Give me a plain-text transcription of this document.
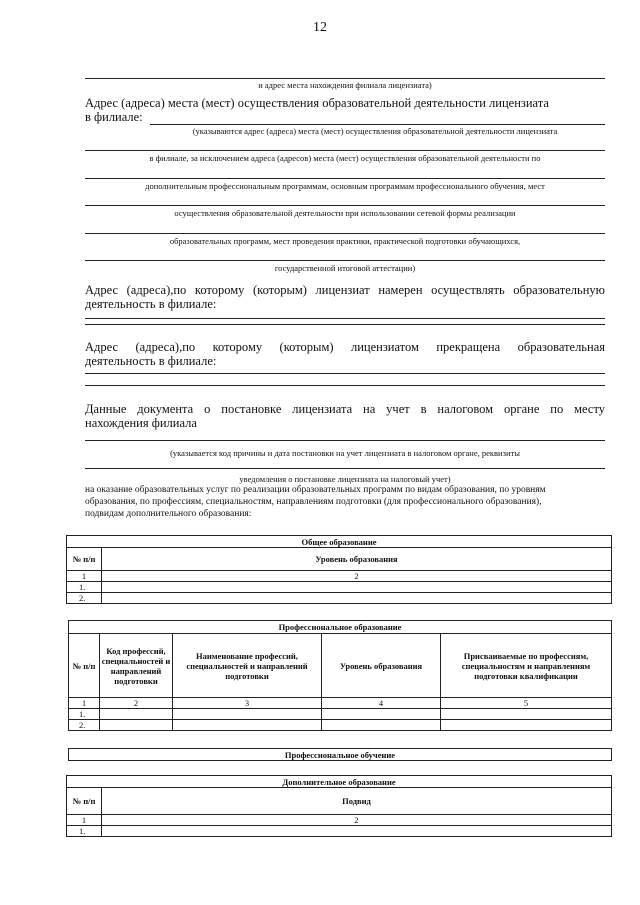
12
и адрес места нахождения филиала лицензиата)
Адрес (адреса) места (мест) осуществления образовательной деятельности лицензиата
в филиале:
(указываются адрес (адреса) места (мест) осуществления образовательной деятельности лицензиата
в филиале, за исключением адреса (адресов) места (мест) осуществления образовательной деятельности по
дополнительным профессиональным программам, основным программам профессионального обучения, мест
осуществления образовательной деятельности при использовании сетевой формы реализации
образовательных программ, мест проведения практики, практической подготовки обучающихся,
государственной итоговой аттестации)
Адрес (адреса),по которому (которым) лицензиат намерен осуществлять образовательную
деятельность в филиале:
Адрес (адреса),по которому (которым) лицензиатом прекращена образовательная
деятельность в филиале:
Данные документа о постановке лицензиата на учет в налоговом органе по месту
нахождения филиала
(указывается код причины и дата постановки на учет лицензиата в налоговом органе, реквизиты
уведомления о постановке лицензиата на налоговый учет)
на оказание образовательных услуг по реализации образовательных программ по видам образования, по уровням
образования, по профессиям, специальностям, направлениям подготовки (для профессионального образования),
подвидам дополнительного образования:
Общее образование	
№ п/п	Уровень образования
1	2
1.	
2.	
Профессиональное образование				
№ п/п	Код профессий, специальностей и направлений подготовки	Наименование профессий, специальностей и направлений подготовки	Уровень образования	Присваиваемые по профессиям, специальностям и направлениям подготовки квалификации
1	2	3	4	5
1.				
2.				
Профессиональное обучение
Дополнительное образование	
№ п/п	Подвид
1	2
1.	
